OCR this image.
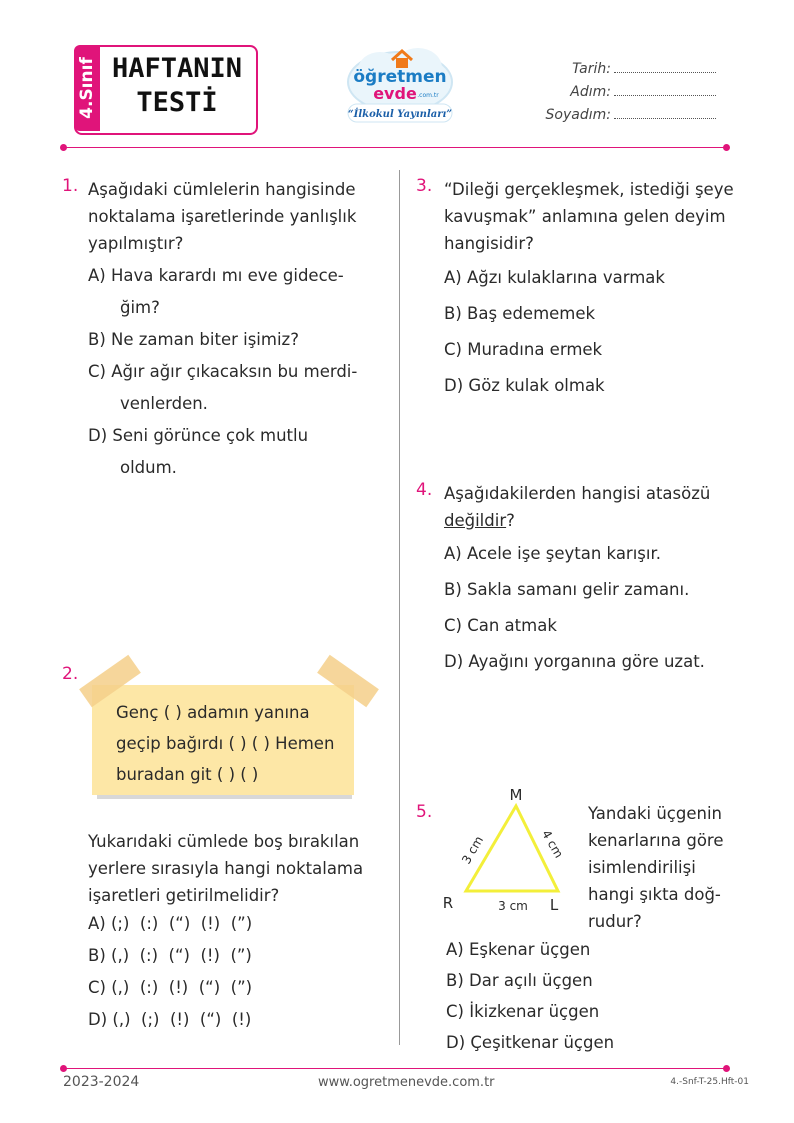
4.Sınıf HAFTANIN
TESTİ
öğretmen
evde .com.tr
“İlkokul Yayınları”
Tarih:
Adım:
Soyadım:
1. Aşağıdaki cümlelerin hangisinde
noktalama işaretlerinde yanlışlık
yapılmıştır?
A) Hava karardı mı eve gidece-
ğim?
B) Ne zaman biter işimiz?
C) Ağır ağır çıkacaksın bu merdi-
venlerden.
D) Seni görünce çok mutlu
oldum.
2.
Genç ( ) adamın yanına
geçip bağırdı ( ) ( ) Hemen
buradan git ( ) ( )
Yukarıdaki cümlede boş bırakılan
yerlere sırasıyla hangi noktalama
işaretleri getirilmelidir?
A) (;)  (:)  (“)  (!)  (”)
B) (,)  (:)  (“)  (!)  (”)
C) (,)  (:)  (!)  (“)  (”)
D) (,)  (;)  (!)  (“)  (!)
3. “Dileği gerçekleşmek, istediği şeye
kavuşmak” anlamına gelen deyim
hangisidir?
A) Ağzı kulaklarına varmak
B) Baş edememek
C) Muradına ermek
D) Göz kulak olmak
4. Aşağıdakilerden hangisi atasözü
değildir?
A) Acele işe şeytan karışır.
B) Sakla samanı gelir zamanı.
C) Can atmak
D) Ayağını yorganına göre uzat.
5.
M
R	L
3 cm	4 cm
3 cm
Yandaki üçgenin
kenarlarına göre
isimlendirilişi
hangi şıkta doğ-
rudur?
A) Eşkenar üçgen
B) Dar açılı üçgen
C) İkizkenar üçgen
D) Çeşitkenar üçgen
2023-2024	www.ogretmenevde.com.tr	4.-Snf-T-25.Hft-01
